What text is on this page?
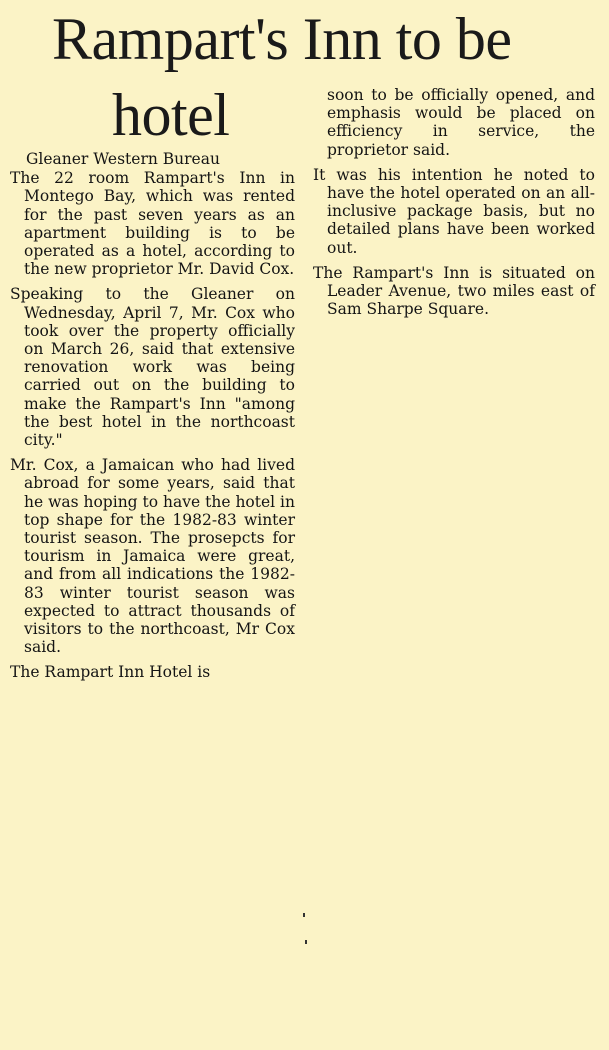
Rampart's Inn to be
hotel
Gleaner Western Bureau

The 22 room Rampart's Inn in Montego Bay, which was rented for the past seven years as an apartment building is to be operated as a hotel, according to the new proprietor Mr. David Cox.

Speaking to the Gleaner on Wednesday, April 7, Mr. Cox who took over the property officially on March 26, said that extensive renovation work was being carried out on the building to make the Rampart's Inn "among the best hotel in the northcoast city."

Mr. Cox, a Jamaican who had lived abroad for some years, said that he was hoping to have the hotel in top shape for the 1982-83 winter tourist season. The prosepcts for tourism in Jamaica were great, and from all indications the 1982-83 winter tourist season was expected to attract thousands of visitors to the northcoast, Mr Cox said.

The Rampart Inn Hotel is

soon to be officially opened, and emphasis would be placed on efficiency in service, the proprietor said.

It was his intention he noted to have the hotel operated on an all-inclusive package basis, but no detailed plans have been worked out.

The Rampart's Inn is situated on Leader Avenue, two miles east of Sam Sharpe Square.
